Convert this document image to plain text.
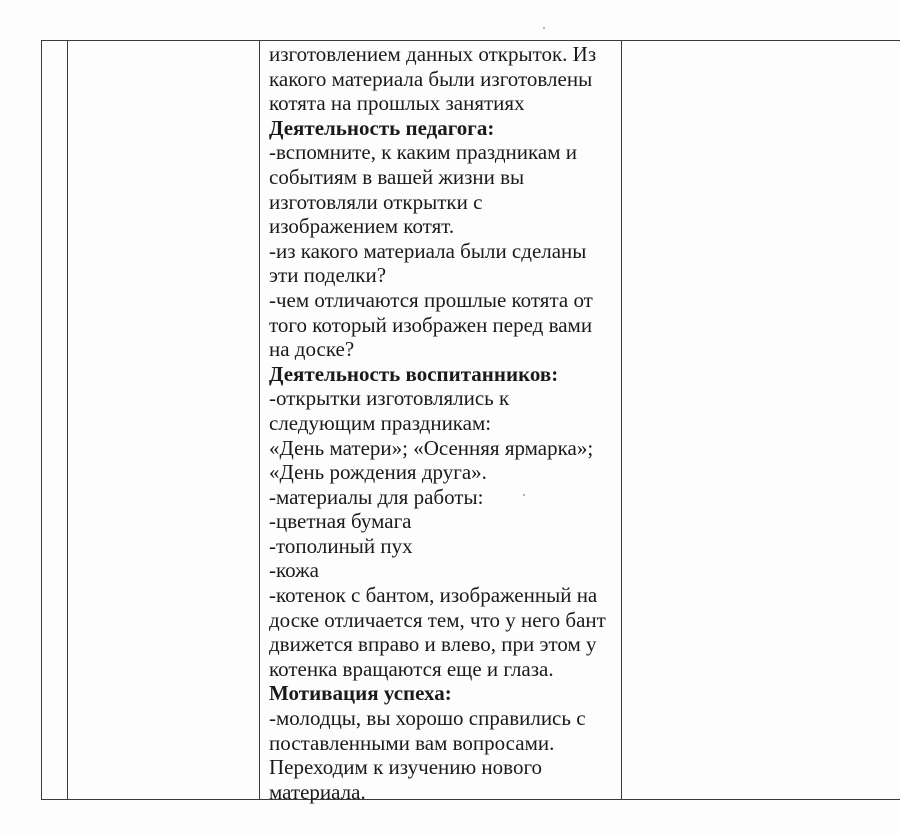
изготовлением данных открыток. Из
какого материала были изготовлены
котята на прошлых занятиях
Деятельность педагога:
-вспомните, к каким праздникам и
событиям в вашей жизни вы
изготовляли открытки с
изображением котят.
-из какого материала были сделаны
эти поделки?
-чем отличаются прошлые котята от
того который изображен перед вами
на доске?
Деятельность воспитанников:
-открытки изготовлялись к
следующим праздникам:
«День матери»; «Осенняя ярмарка»;
«День рождения друга».
-материалы для работы:
-цветная бумага
-тополиный пух
-кожа
-котенок с бантом, изображенный на
доске отличается тем, что у него бант
движется вправо и влево, при этом у
котенка вращаются еще и глаза.
Мотивация успеха:
-молодцы, вы хорошо справились с
поставленными вам вопросами.
Переходим к изучению нового
материала.
